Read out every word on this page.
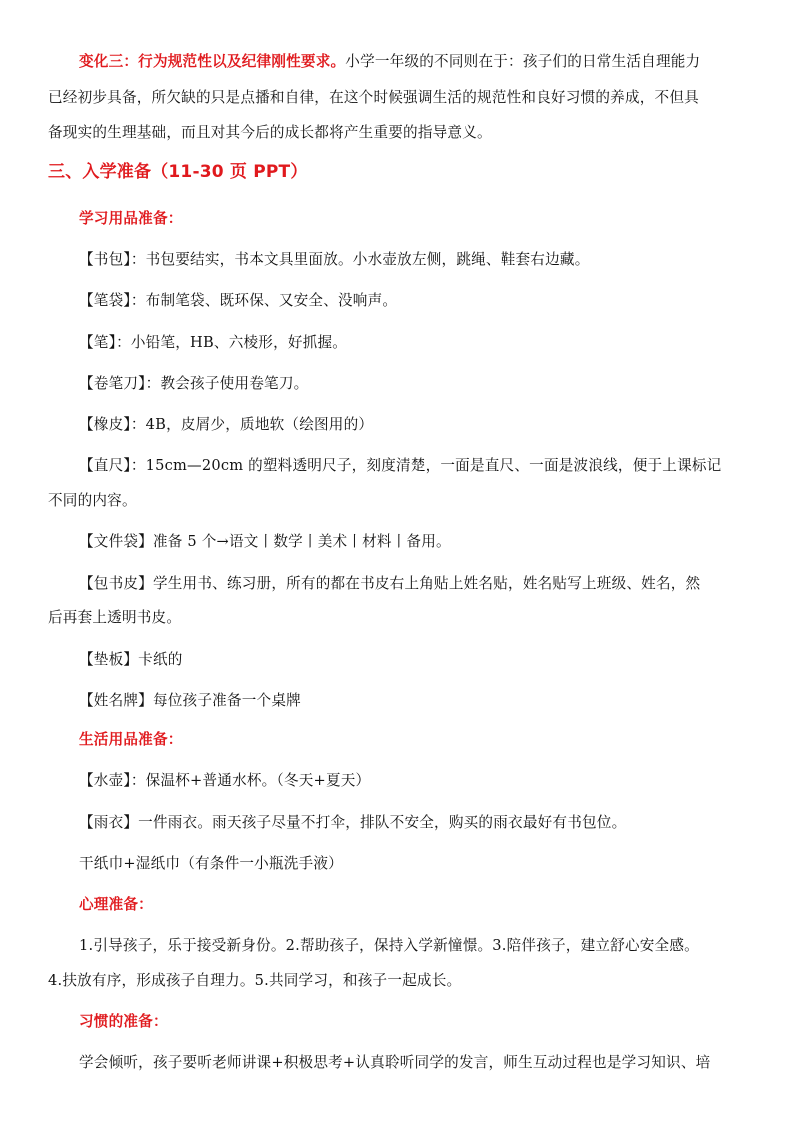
变化三：行为规范性以及纪律刚性要求。小学一年级的不同则在于：孩子们的日常生活自理能力
已经初步具备，所欠缺的只是点播和自律，在这个时候强调生活的规范性和良好习惯的养成，不但具
备现实的生理基础，而且对其今后的成长都将产生重要的指导意义。
三、入学准备（11-30 页 PPT）
学习用品准备：
【书包】：书包要结实，书本文具里面放。小水壶放左侧，跳绳、鞋套右边藏。
【笔袋】：布制笔袋、既环保、又安全、没响声。
【笔】：小铅笔，HB、六棱形，好抓握。
【卷笔刀】：教会孩子使用卷笔刀。
【橡皮】：4B，皮屑少，质地软（绘图用的）
【直尺】：15cm—20cm 的塑料透明尺子，刻度清楚，一面是直尺、一面是波浪线，便于上课标记
不同的内容。
【文件袋】准备 5 个→语文丨数学丨美术丨材料丨备用。
【包书皮】学生用书、练习册，所有的都在书皮右上角贴上姓名贴，姓名贴写上班级、姓名，然
后再套上透明书皮。
【垫板】卡纸的
【姓名牌】每位孩子准备一个桌牌
生活用品准备：
【水壶】：保温杯+普通水杯。（冬天+夏天）
【雨衣】一件雨衣。雨天孩子尽量不打伞，排队不安全，购买的雨衣最好有书包位。
干纸巾+湿纸巾（有条件一小瓶洗手液）
心理准备：
1.引导孩子，乐于接受新身份。2.帮助孩子，保持入学新憧憬。3.陪伴孩子，建立舒心安全感。
4.扶放有序，形成孩子自理力。5.共同学习，和孩子一起成长。
习惯的准备：
学会倾听，孩子要听老师讲课+积极思考+认真聆听同学的发言，师生互动过程也是学习知识、培
